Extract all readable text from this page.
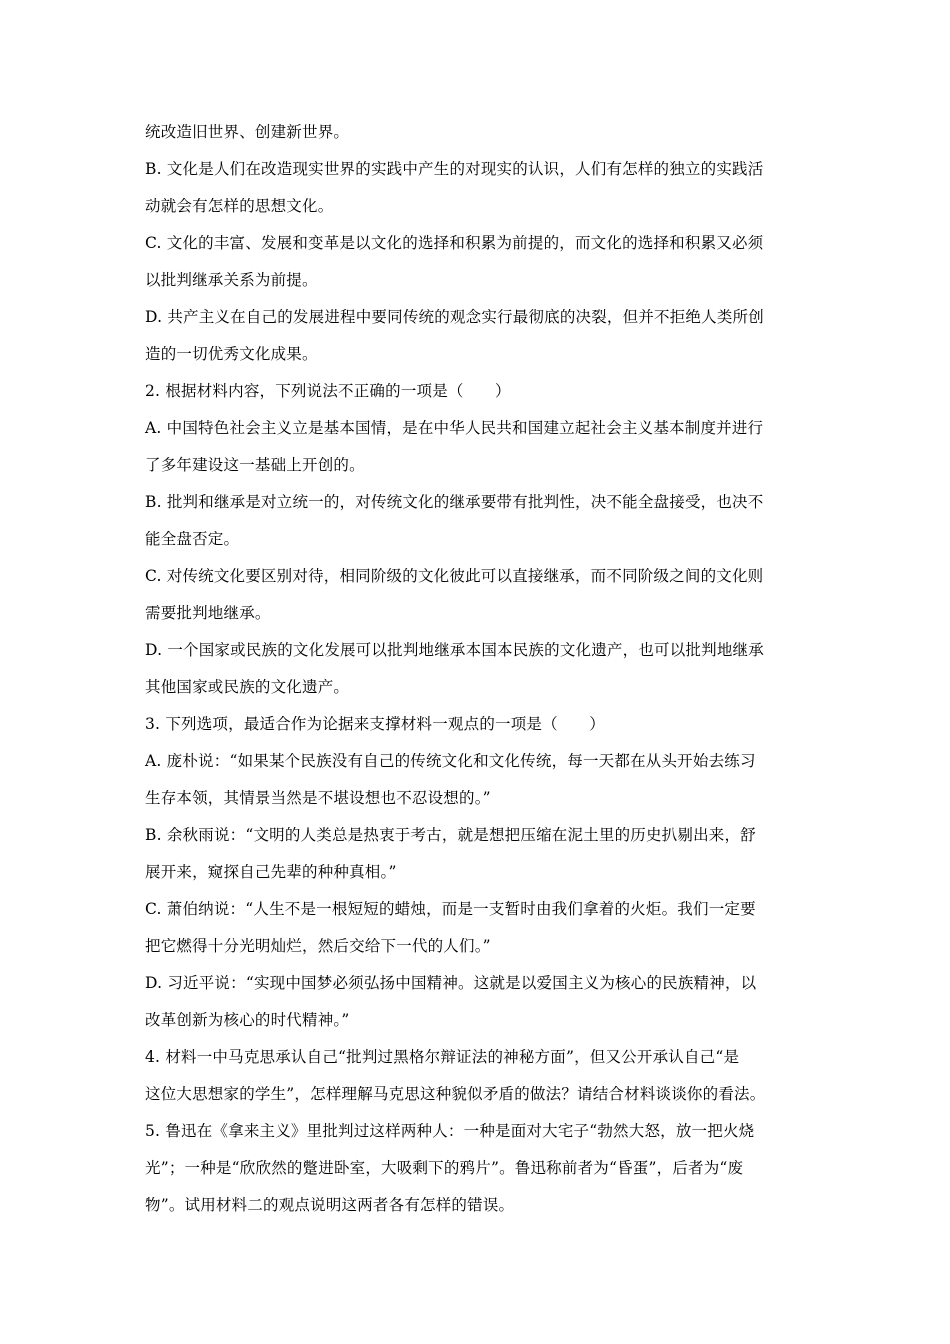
统改造旧世界、创建新世界。
B. 文化是人们在改造现实世界的实践中产生的对现实的认识，人们有怎样的独立的实践活
动就会有怎样的思想文化。
C. 文化的丰富、发展和变革是以文化的选择和积累为前提的，而文化的选择和积累又必须
以批判继承关系为前提。
D. 共产主义在自己的发展进程中要同传统的观念实行最彻底的决裂，但并不拒绝人类所创
造的一切优秀文化成果。
2. 根据材料内容，下列说法不正确的一项是（　　）
A. 中国特色社会主义立是基本国情，是在中华人民共和国建立起社会主义基本制度并进行
了多年建设这一基础上开创的。
B. 批判和继承是对立统一的，对传统文化的继承要带有批判性，决不能全盘接受，也决不
能全盘否定。
C. 对传统文化要区别对待，相同阶级的文化彼此可以直接继承，而不同阶级之间的文化则
需要批判地继承。
D. 一个国家或民族的文化发展可以批判地继承本国本民族的文化遗产，也可以批判地继承
其他国家或民族的文化遗产。
3. 下列选项，最适合作为论据来支撑材料一观点的一项是（　　）
A. 庞朴说：“如果某个民族没有自己的传统文化和文化传统，每一天都在从头开始去练习
生存本领，其情景当然是不堪设想也不忍设想的。”
B. 余秋雨说：“文明的人类总是热衷于考古，就是想把压缩在泥土里的历史扒剔出来，舒
展开来，窥探自己先辈的种种真相。”
C. 萧伯纳说：“人生不是一根短短的蜡烛，而是一支暂时由我们拿着的火炬。我们一定要
把它燃得十分光明灿烂，然后交给下一代的人们。”
D. 习近平说：“实现中国梦必须弘扬中国精神。这就是以爱国主义为核心的民族精神，以
改革创新为核心的时代精神。”
4. 材料一中马克思承认自己“批判过黑格尔辩证法的神秘方面”，但又公开承认自己“是
这位大思想家的学生”，怎样理解马克思这种貌似矛盾的做法？请结合材料谈谈你的看法。
5. 鲁迅在《拿来主义》里批判过这样两种人：一种是面对大宅子“勃然大怒，放一把火烧
光”；一种是“欣欣然的蹩进卧室，大吸剩下的鸦片”。鲁迅称前者为“昏蛋”，后者为“废
物”。试用材料二的观点说明这两者各有怎样的错误。
